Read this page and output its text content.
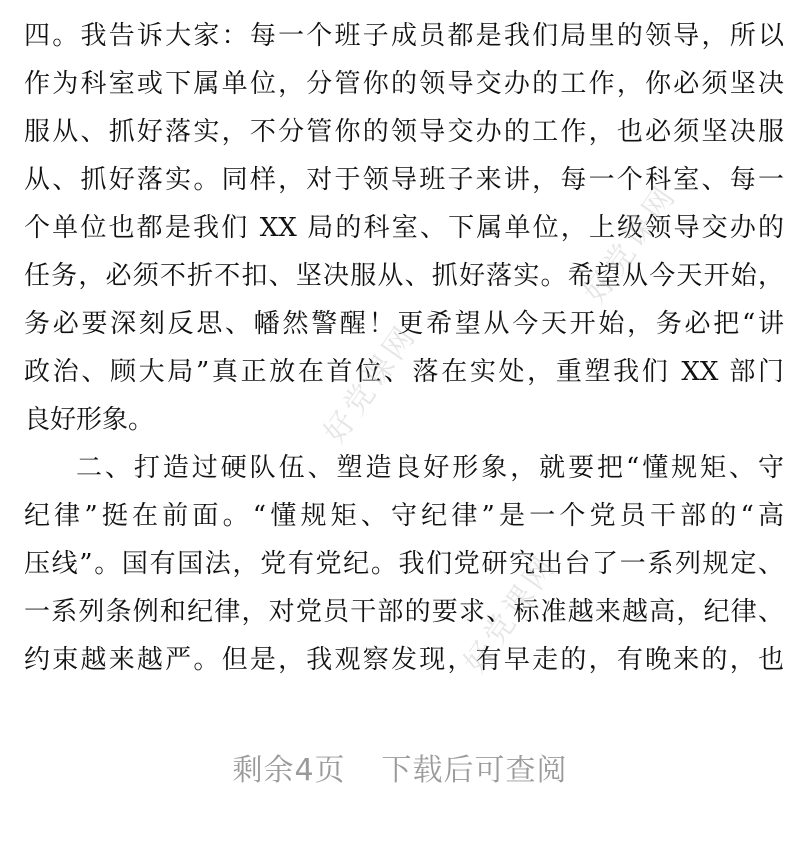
四。我告诉大家：每一个班子成员都是我们局里的领导，所以
作为科室或下属单位，分管你的领导交办的工作，你必须坚决
服从、抓好落实，不分管你的领导交办的工作，也必须坚决服
从、抓好落实。同样，对于领导班子来讲，每一个科室、每一
个单位也都是我们 XX 局的科室、下属单位，上级领导交办的
任务，必须不折不扣、坚决服从、抓好落实。希望从今天开始，
务必要深刻反思、幡然警醒！更希望从今天开始，务必把“讲
政治、顾大局”真正放在首位、落在实处，重塑我们 XX 部门
良好形象。
二、打造过硬队伍、塑造良好形象，就要把“懂规矩、守
纪律”挺在前面。“懂规矩、守纪律”是一个党员干部的“高
压线”。国有国法，党有党纪。我们党研究出台了一系列规定、
一系列条例和纪律，对党员干部的要求、标准越来越高，纪律、
约束越来越严。但是，我观察发现，有早走的，有晚来的，也
好党课网
好党课网
好党课网
剩余4页 下载后可查阅
